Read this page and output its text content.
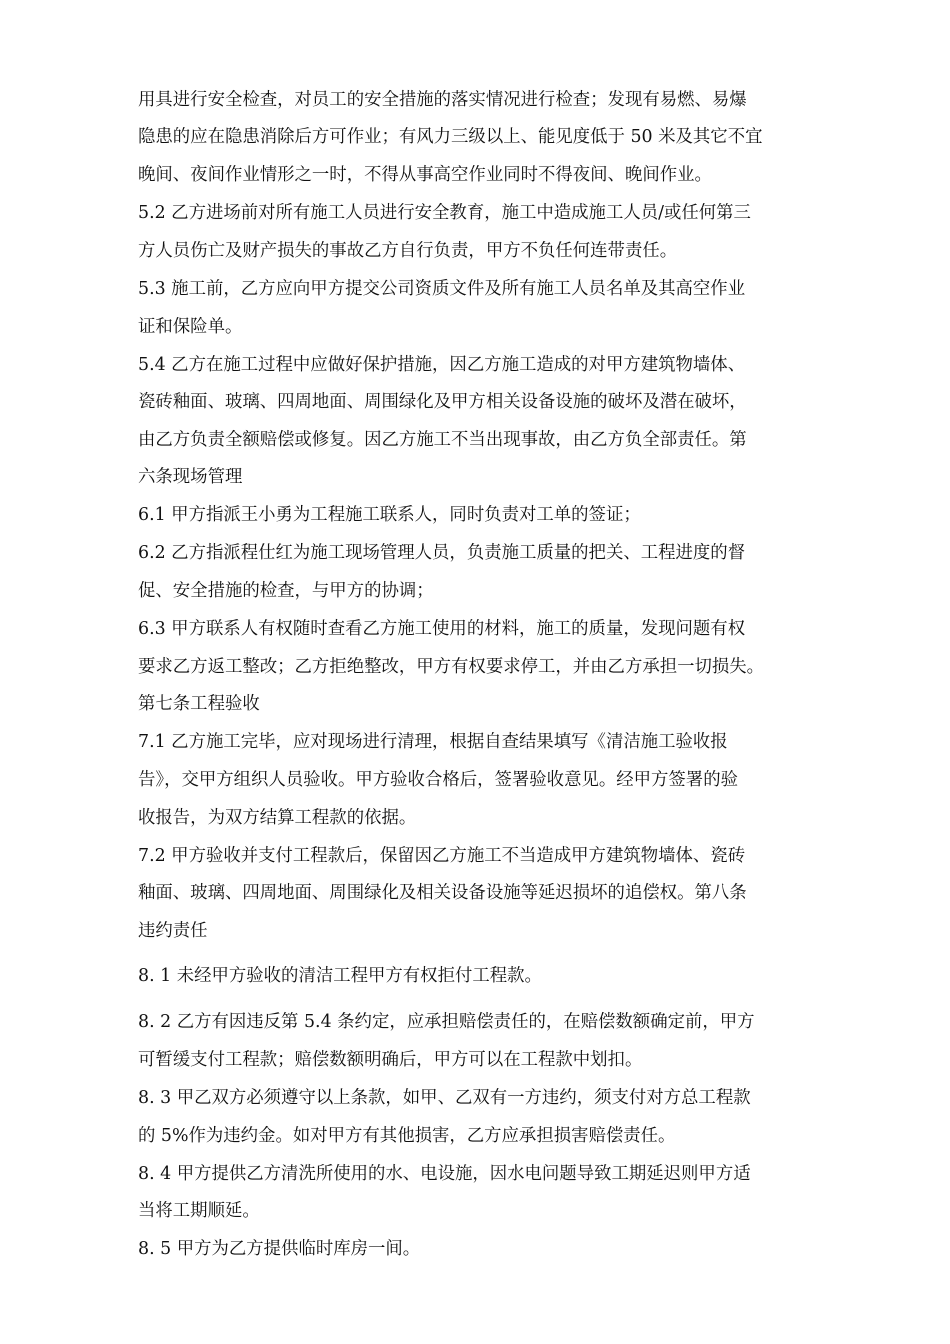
用具进行安全检查，对员工的安全措施的落实情况进行检查；发现有易燃、易爆
隐患的应在隐患消除后方可作业；有风力三级以上、能见度低于 50 米及其它不宜
晚间、夜间作业情形之一时，不得从事高空作业同时不得夜间、晚间作业。
5.2 乙方进场前对所有施工人员进行安全教育，施工中造成施工人员/或任何第三
方人员伤亡及财产损失的事故乙方自行负责，甲方不负任何连带责任。
5.3 施工前，乙方应向甲方提交公司资质文件及所有施工人员名单及其高空作业
证和保险单。
5.4 乙方在施工过程中应做好保护措施，因乙方施工造成的对甲方建筑物墙体、
瓷砖釉面、玻璃、四周地面、周围绿化及甲方相关设备设施的破坏及潜在破坏，
由乙方负责全额赔偿或修复。因乙方施工不当出现事故，由乙方负全部责任。第
六条现场管理
6.1 甲方指派王小勇为工程施工联系人，同时负责对工单的签证；
6.2 乙方指派程仕红为施工现场管理人员，负责施工质量的把关、工程进度的督
促、安全措施的检查，与甲方的协调；
6.3 甲方联系人有权随时查看乙方施工使用的材料，施工的质量，发现问题有权
要求乙方返工整改；乙方拒绝整改，甲方有权要求停工，并由乙方承担一切损失。
第七条工程验收
7.1 乙方施工完毕，应对现场进行清理，根据自查结果填写《清洁施工验收报
告》，交甲方组织人员验收。甲方验收合格后，签署验收意见。经甲方签署的验
收报告，为双方结算工程款的依据。
7.2 甲方验收并支付工程款后，保留因乙方施工不当造成甲方建筑物墙体、瓷砖
釉面、玻璃、四周地面、周围绿化及相关设备设施等延迟损坏的追偿权。第八条
违约责任
8. 1 未经甲方验收的清洁工程甲方有权拒付工程款。
8. 2 乙方有因违反第 5.4 条约定，应承担赔偿责任的，在赔偿数额确定前，甲方
可暂缓支付工程款；赔偿数额明确后，甲方可以在工程款中划扣。
8. 3 甲乙双方必须遵守以上条款，如甲、乙双有一方违约，须支付对方总工程款
的 5%作为违约金。如对甲方有其他损害，乙方应承担损害赔偿责任。
8. 4 甲方提供乙方清洗所使用的水、电设施，因水电问题导致工期延迟则甲方适
当将工期顺延。
8. 5 甲方为乙方提供临时库房一间。
